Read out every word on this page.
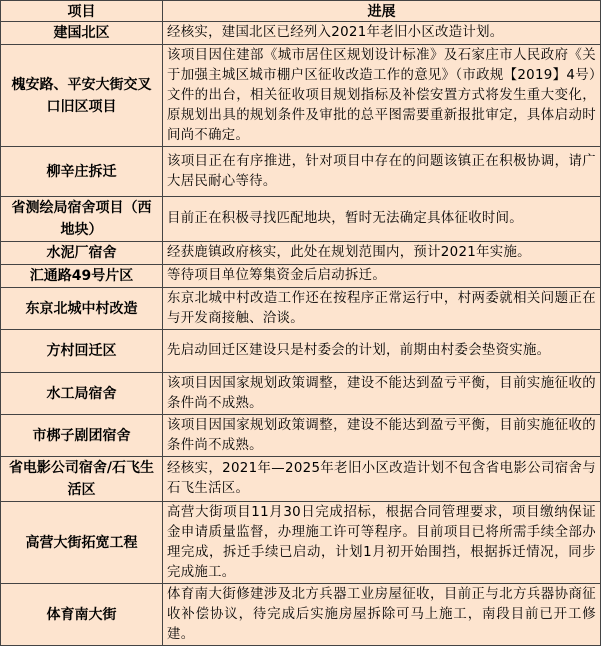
项目	进展
建国北区	经核实，建国北区已经列入2021年老旧小区改造计划。
槐安路、平安大街交叉口旧区项目	该项目因住建部《城市居住区规划设计标准》及石家庄市人民政府《关于加强主城区城市棚户区征收改造工作的意见》（市政规【2019】4号）文件的出台，相关征收项目规划指标及补偿安置方式将发生重大变化，原规划出具的规划条件及审批的总平图需要重新报批审定，具体启动时间尚不确定。
柳辛庄拆迁	该项目正在有序推进，针对项目中存在的问题该镇正在积极协调，请广大居民耐心等待。
省测绘局宿舍项目（西地块）	目前正在积极寻找匹配地块，暂时无法确定具体征收时间。
水泥厂宿舍	经获鹿镇政府核实，此处在规划范围内，预计2021年实施。
汇通路49号片区	等待项目单位筹集资金后启动拆迁。
东京北城中村改造	东京北城中村改造工作还在按程序正常运行中，村两委就相关问题正在与开发商接触、洽谈。
方村回迁区	先启动回迁区建设只是村委会的计划，前期由村委会垫资实施。
水工局宿舍	该项目因国家规划政策调整，建设不能达到盈亏平衡，目前实施征收的条件尚不成熟。
市梆子剧团宿舍	该项目因国家规划政策调整，建设不能达到盈亏平衡，目前实施征收的条件尚不成熟。
省电影公司宿舍/石飞生活区	经核实，2021年—2025年老旧小区改造计划不包含省电影公司宿舍与石飞生活区。
高营大街拓宽工程	高营大街项目11月30日完成招标，根据合同管理要求，项目缴纳保证金申请质量监督，办理施工许可等程序。目前项目已将所需手续全部办理完成，拆迁手续已启动，计划1月初开始围挡，根据拆迁情况，同步完成施工。
体育南大街	体育南大街修建涉及北方兵器工业房屋征收，目前正与北方兵器协商征收补偿协议，待完成后实施房屋拆除可马上施工，南段目前已开工修建。
